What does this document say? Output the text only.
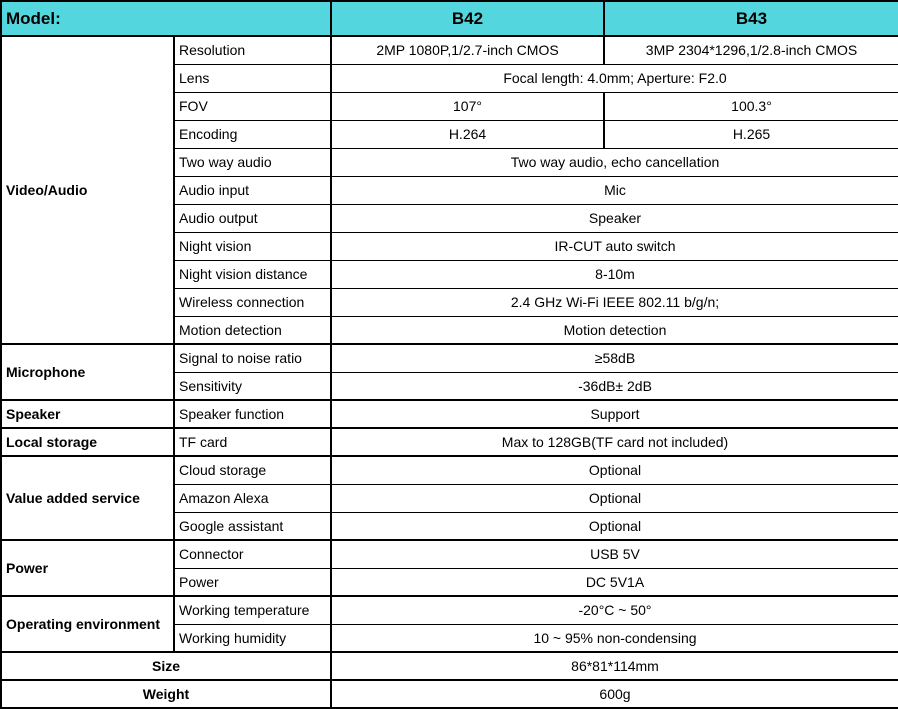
Model:		B42	B43
Video/Audio	Resolution	2MP 1080P,1/2.7-inch CMOS	3MP 2304*1296,1/2.8-inch CMOS
	Lens	Focal length: 4.0mm; Aperture: F2.0	
	FOV	107°	100.3°
	Encoding	H.264	H.265
	Two way audio	Two way audio, echo cancellation	
	Audio input	Mic	
	Audio output	Speaker	
	Night vision	IR-CUT auto switch	
	Night vision distance	8-10m	
	Wireless connection	2.4 GHz Wi-Fi IEEE 802.11 b/g/n;	
	Motion detection	Motion detection	
Microphone	Signal to noise ratio	≥58dB	
	Sensitivity	-36dB± 2dB	
Speaker	Speaker function	Support	
Local storage	TF card	Max to 128GB(TF card not included)	
Value added service	Cloud storage	Optional	
	Amazon Alexa	Optional	
	Google assistant	Optional	
Power	Connector	USB 5V	
	Power	DC 5V1A	
Operating environment	Working temperature	-20°C ~ 50°	
	Working humidity	10 ~ 95% non-condensing	
Size		86*81*114mm	
Weight		600g	
